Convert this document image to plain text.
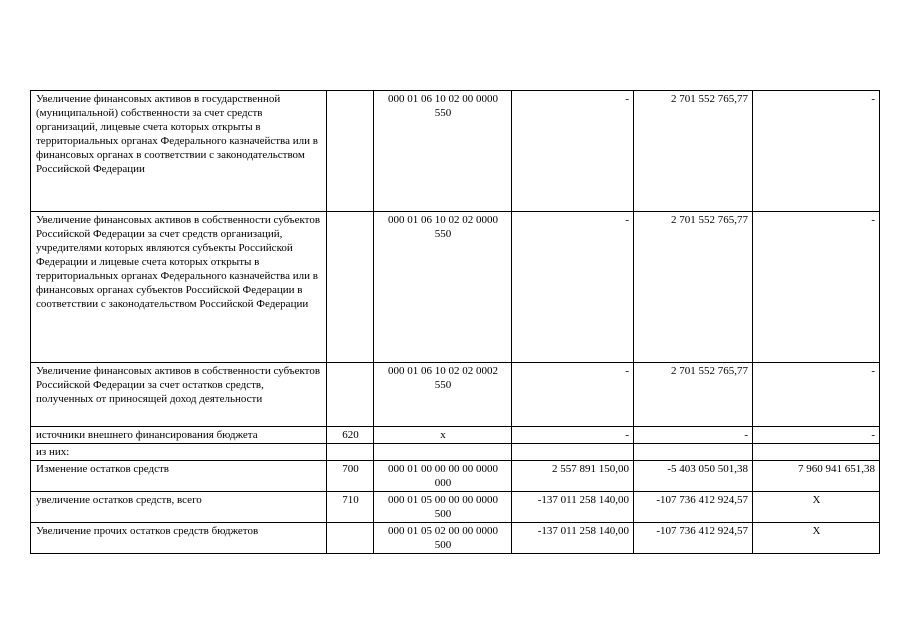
Увеличение финансовых активов в государственной (муниципальной) собственности за счет средств организаций, лицевые счета которых открыты в территориальных органах Федерального казначейства или в финансовых органах в соответствии с законодательством Российской Федерации		000 01 06 10 02 00 0000 550	-	2 701 552 765,77	-
Увеличение финансовых активов в собственности субъектов Российской Федерации за счет средств организаций, учредителями которых являются субъекты Российской Федерации и лицевые счета которых открыты в территориальных органах Федерального казначейства или в финансовых органах субъектов Российской Федерации в соответствии с законодательством Российской Федерации		000 01 06 10 02 02 0000 550	-	2 701 552 765,77	-
Увеличение финансовых активов в собственности субъектов Российской Федерации за счет остатков средств, полученных от приносящей доход деятельности		000 01 06 10 02 02 0002 550	-	2 701 552 765,77	-
источники внешнего финансирования бюджета	620	x	-	-	-
из них:					
Изменение остатков средств	700	000 01 00 00 00 00 0000 000	2 557 891 150,00	-5 403 050 501,38	7 960 941 651,38
увеличение остатков средств, всего	710	000 01 05 00 00 00 0000 500	-137 011 258 140,00	-107 736 412 924,57	X
Увеличение прочих остатков средств бюджетов		000 01 05 02 00 00 0000 500	-137 011 258 140,00	-107 736 412 924,57	X
